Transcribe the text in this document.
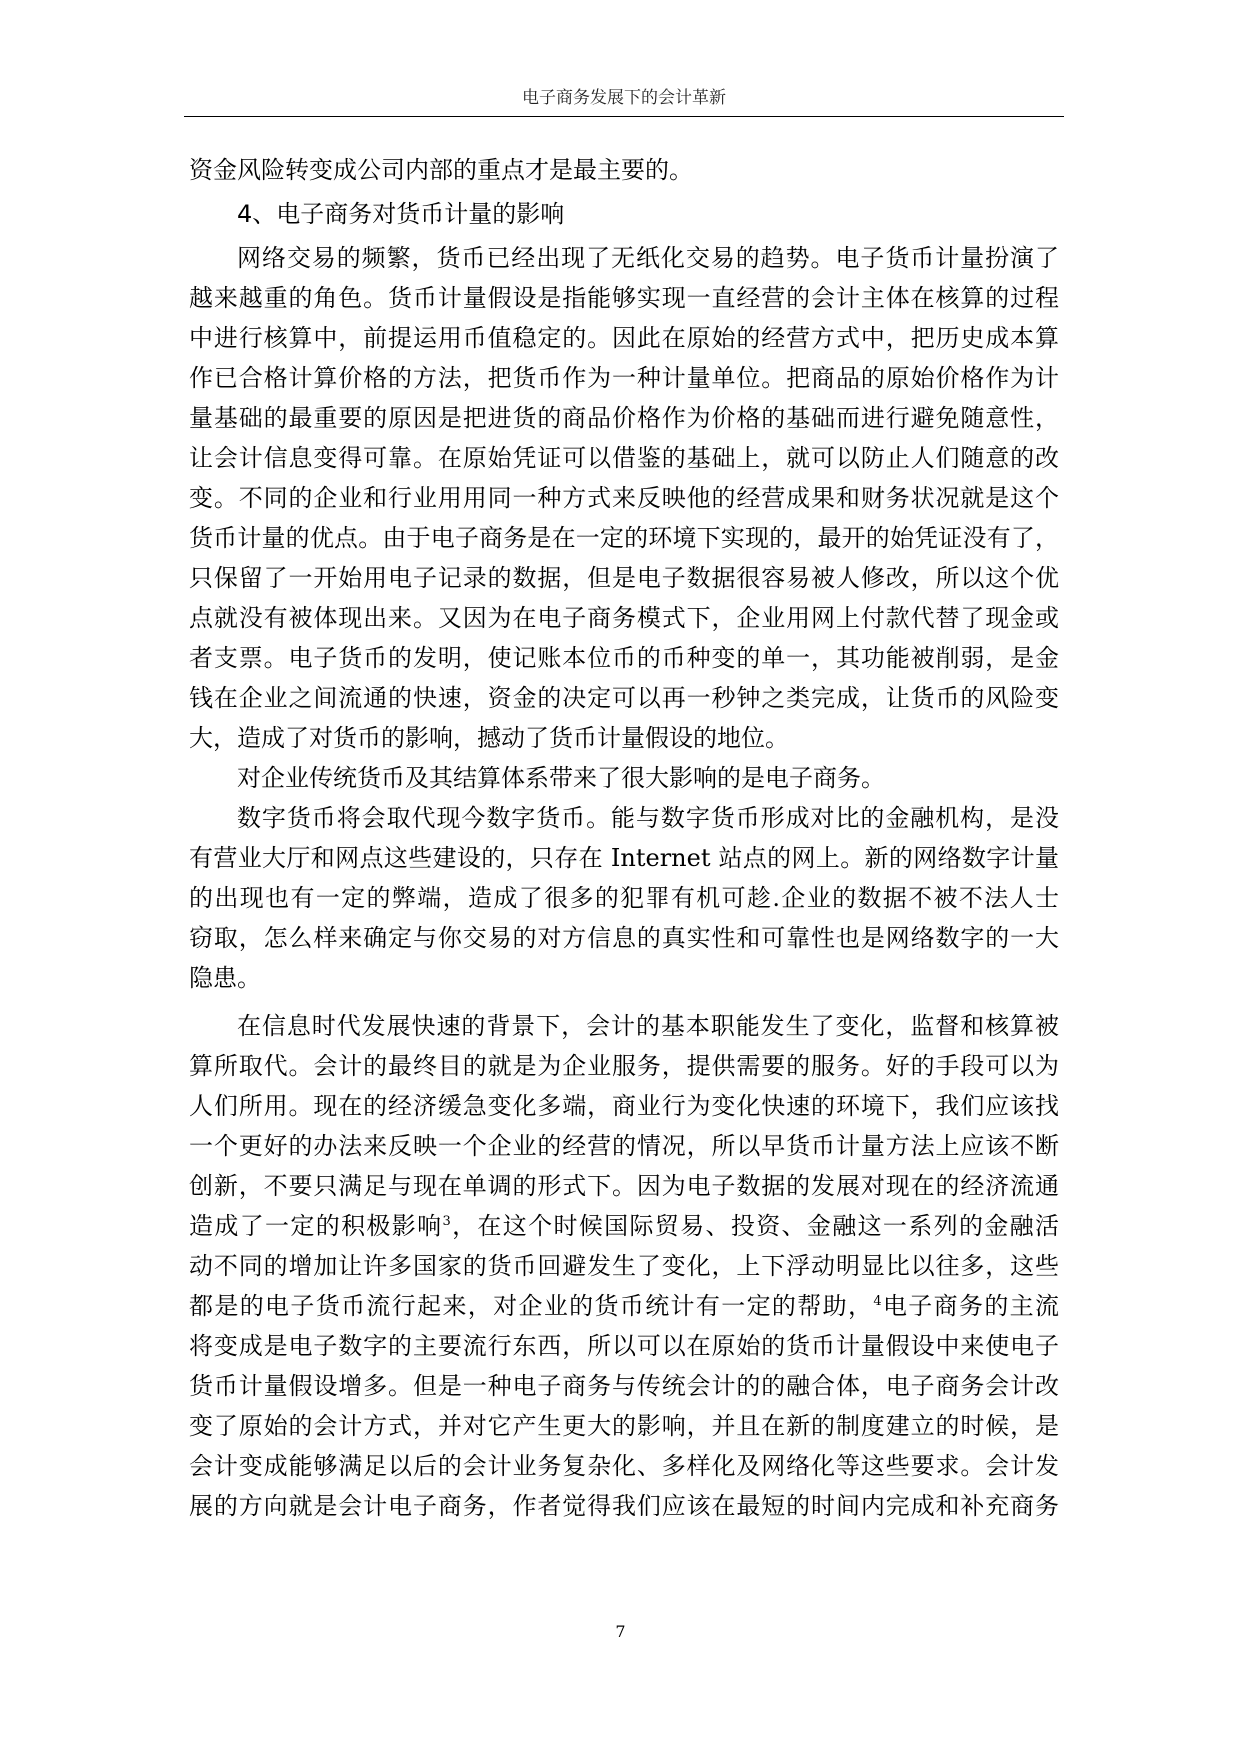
电子商务发展下的会计革新
资金风险转变成公司内部的重点才是最主要的。
4、电子商务对货币计量的影响
网络交易的频繁，货币已经出现了无纸化交易的趋势。电子货币计量扮演了
越来越重的角色。货币计量假设是指能够实现一直经营的会计主体在核算的过程
中进行核算中，前提运用币值稳定的。因此在原始的经营方式中，把历史成本算
作已合格计算价格的方法，把货币作为一种计量单位。把商品的原始价格作为计
量基础的最重要的原因是把进货的商品价格作为价格的基础而进行避免随意性，
让会计信息变得可靠。在原始凭证可以借鉴的基础上，就可以防止人们随意的改
变。不同的企业和行业用用同一种方式来反映他的经营成果和财务状况就是这个
货币计量的优点。由于电子商务是在一定的环境下实现的，最开的始凭证没有了，
只保留了一开始用电子记录的数据，但是电子数据很容易被人修改，所以这个优
点就没有被体现出来。又因为在电子商务模式下，企业用网上付款代替了现金或
者支票。电子货币的发明，使记账本位币的币种变的单一，其功能被削弱，是金
钱在企业之间流通的快速，资金的决定可以再一秒钟之类完成，让货币的风险变
大，造成了对货币的影响，撼动了货币计量假设的地位。
对企业传统货币及其结算体系带来了很大影响的是电子商务。
数字货币将会取代现今数字货币。能与数字货币形成对比的金融机构，是没
有营业大厅和网点这些建设的，只存在 Internet 站点的网上。新的网络数字计量
的出现也有一定的弊端，造成了很多的犯罪有机可趁.企业的数据不被不法人士
窃取，怎么样来确定与你交易的对方信息的真实性和可靠性也是网络数字的一大
隐患。
在信息时代发展快速的背景下，会计的基本职能发生了变化，监督和核算被
算所取代。会计的最终目的就是为企业服务，提供需要的服务。好的手段可以为
人们所用。现在的经济缓急变化多端，商业行为变化快速的环境下，我们应该找
一个更好的办法来反映一个企业的经营的情况，所以早货币计量方法上应该不断
创新，不要只满足与现在单调的形式下。因为电子数据的发展对现在的经济流通
造成了一定的积极影响$^3$，在这个时候国际贸易、投资、金融这一系列的金融活
动不同的增加让许多国家的货币回避发生了变化，上下浮动明显比以往多，这些
都是的电子货币流行起来，对企业的货币统计有一定的帮助，$^4$电子商务的主流
将变成是电子数字的主要流行东西，所以可以在原始的货币计量假设中来使电子
货币计量假设增多。但是一种电子商务与传统会计的的融合体，电子商务会计改
变了原始的会计方式，并对它产生更大的影响，并且在新的制度建立的时候，是
会计变成能够满足以后的会计业务复杂化、多样化及网络化等这些要求。会计发
展的方向就是会计电子商务，作者觉得我们应该在最短的时间内完成和补充商务
7
